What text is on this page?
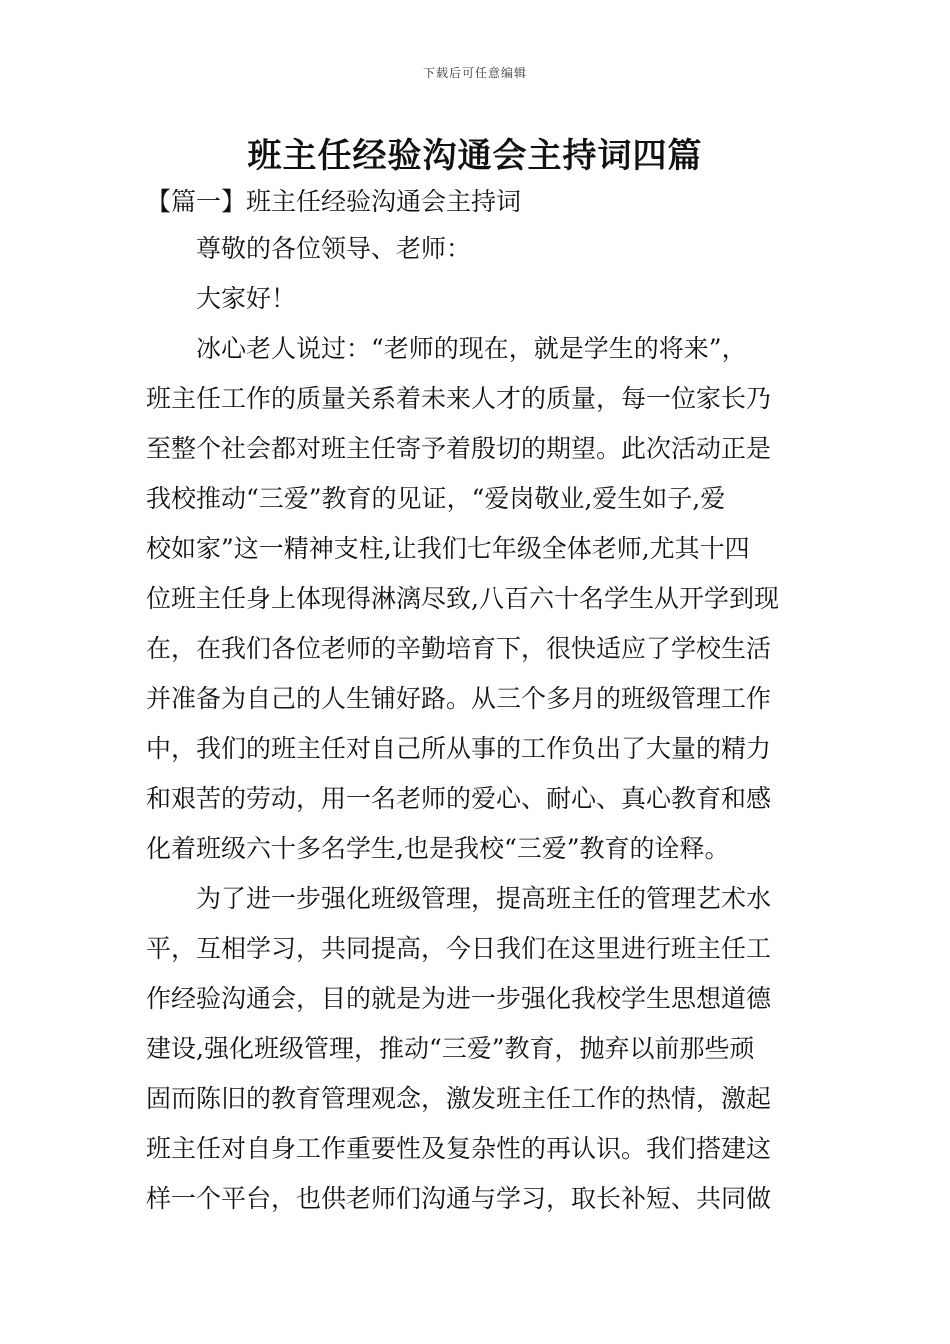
下载后可任意编辑
班主任经验沟通会主持词四篇
【篇一】班主任经验沟通会主持词
尊敬的各位领导、老师：
大家好！
冰心老人说过：“老师的现在，就是学生的将来”，
班主任工作的质量关系着未来人才的质量，每一位家长乃
至整个社会都对班主任寄予着殷切的期望。此次活动正是
我校推动“三爱”教育的见证，“爱岗敬业,爱生如子,爱
校如家”这一精神支柱,让我们七年级全体老师,尤其十四
位班主任身上体现得淋漓尽致,八百六十名学生从开学到现
在，在我们各位老师的辛勤培育下，很快适应了学校生活
并准备为自己的人生铺好路。从三个多月的班级管理工作
中，我们的班主任对自己所从事的工作负出了大量的精力
和艰苦的劳动，用一名老师的爱心、耐心、真心教育和感
化着班级六十多名学生,也是我校“三爱”教育的诠释。
为了进一步强化班级管理，提高班主任的管理艺术水
平，互相学习，共同提高，今日我们在这里进行班主任工
作经验沟通会，目的就是为进一步强化我校学生思想道德
建设,强化班级管理，推动“三爱”教育，抛弃以前那些顽
固而陈旧的教育管理观念，激发班主任工作的热情，激起
班主任对自身工作重要性及复杂性的再认识。我们搭建这
样一个平台，也供老师们沟通与学习，取长补短、共同做
